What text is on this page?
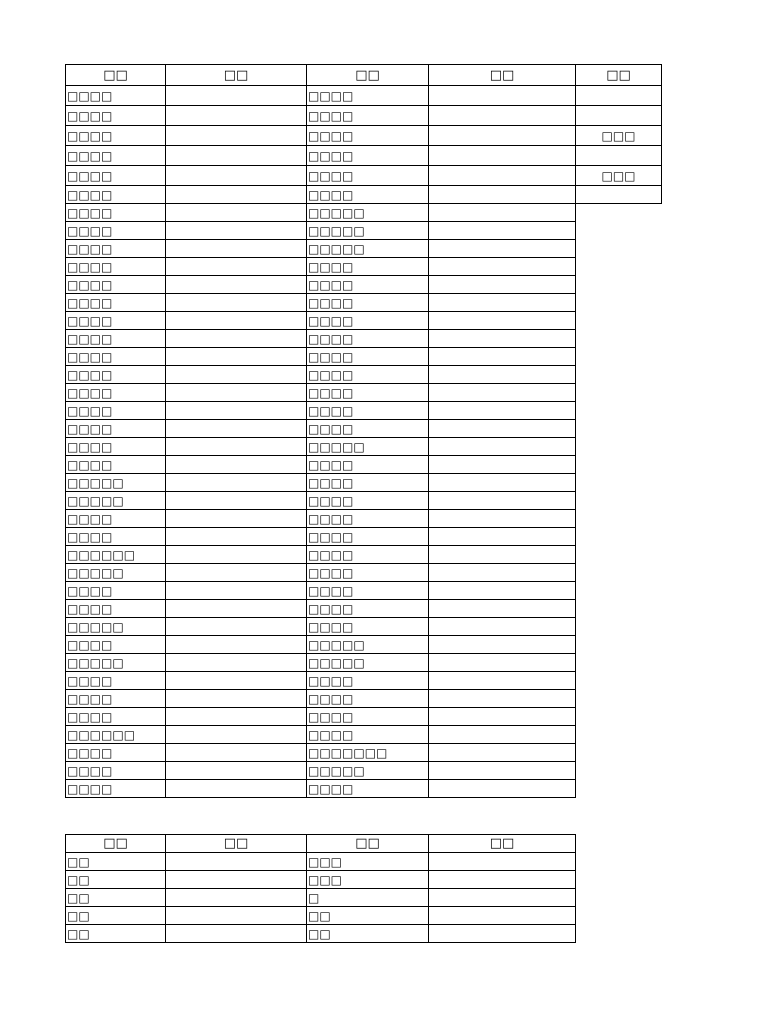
□□	□□	□□	□□	□□
□□□□		□□□□		
□□□□		□□□□		
□□□□		□□□□		□□□
□□□□		□□□□		
□□□□		□□□□		□□□
□□□□		□□□□		
□□□□		□□□□□		
□□□□		□□□□□		
□□□□		□□□□□		
□□□□		□□□□		
□□□□		□□□□		
□□□□		□□□□		
□□□□		□□□□		
□□□□		□□□□		
□□□□		□□□□		
□□□□		□□□□		
□□□□		□□□□		
□□□□		□□□□		
□□□□		□□□□		
□□□□		□□□□□		
□□□□		□□□□		
□□□□□		□□□□		
□□□□□		□□□□		
□□□□		□□□□		
□□□□		□□□□		
□□□□□□		□□□□		
□□□□□		□□□□		
□□□□		□□□□		
□□□□		□□□□		
□□□□□		□□□□		
□□□□		□□□□□		
□□□□□		□□□□□		
□□□□		□□□□		
□□□□		□□□□		
□□□□		□□□□		
□□□□□□		□□□□		
□□□□		□□□□□□□		
□□□□		□□□□□		
□□□□		□□□□		
□□	□□	□□	□□
□□		□□□	
□□		□□□	
□□		□	
□□		□□	
□□		□□	
